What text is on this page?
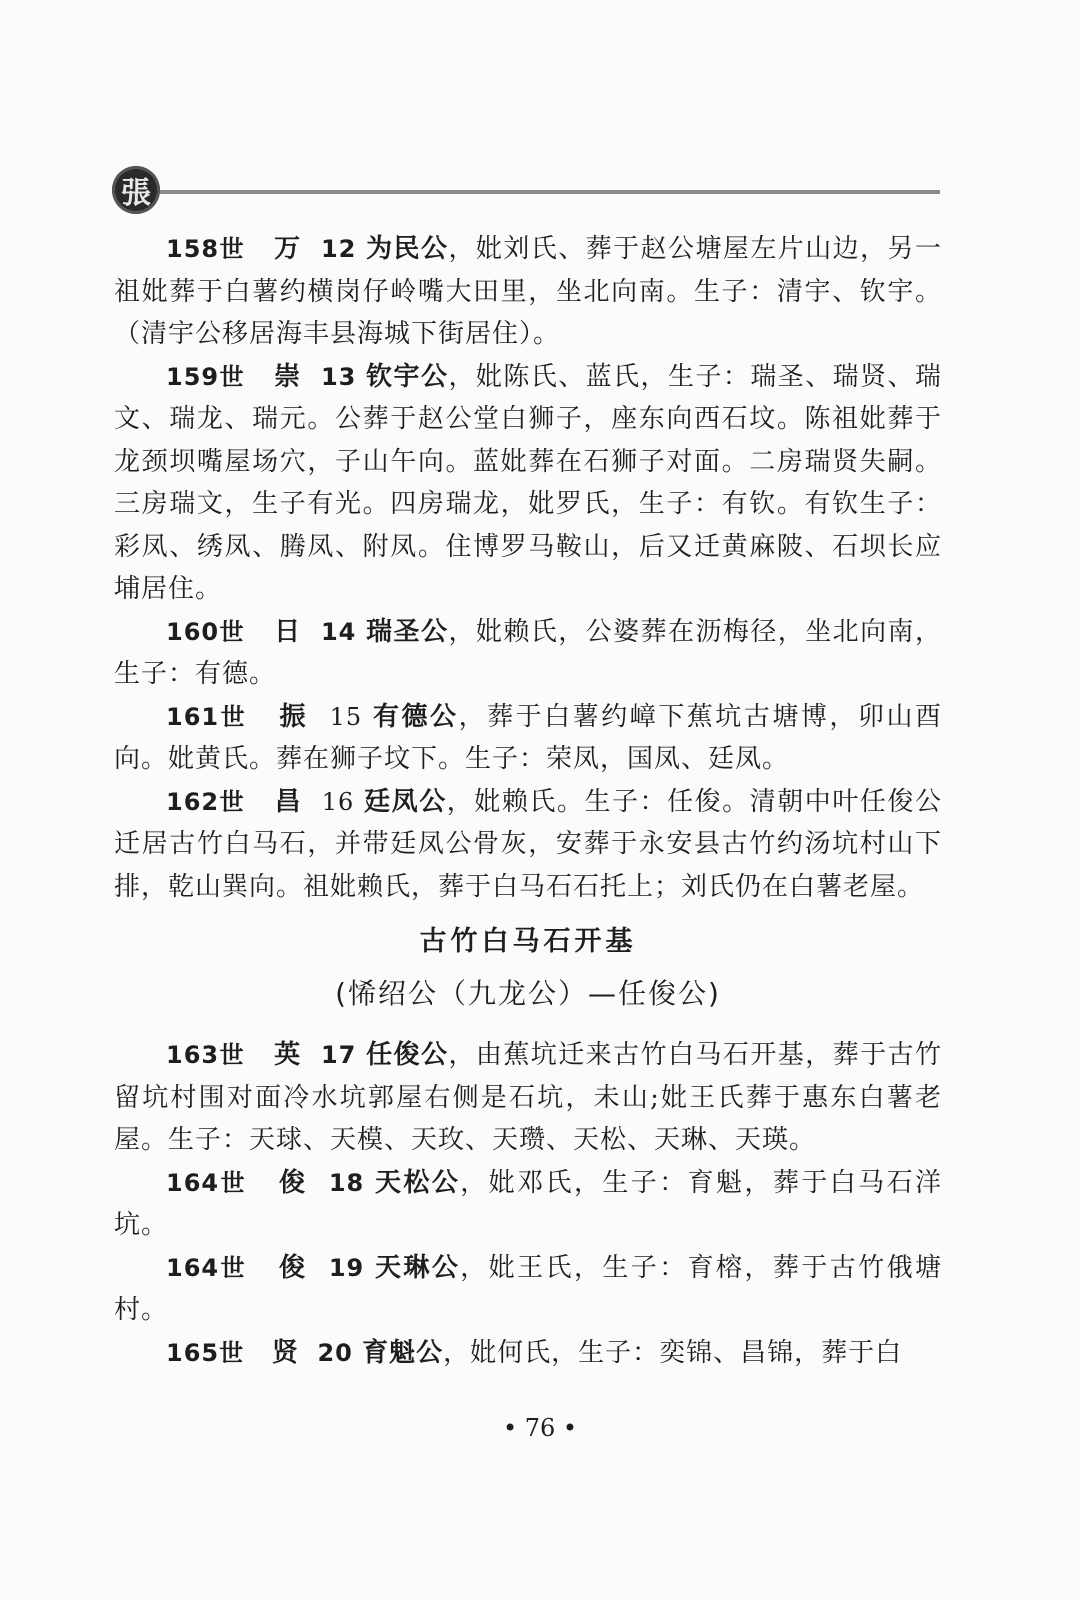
張

158世 万 12 为民公，妣刘氏、葬于赵公塘屋左片山边，另一祖妣葬于白薯约横岗仔岭嘴大田里，坐北向南。生子：清宇、钦宇。（清宇公移居海丰县海城下街居住）。

159世 崇 13 钦宇公，妣陈氏、蓝氏，生子：瑞圣、瑞贤、瑞文、瑞龙、瑞元。公葬于赵公堂白狮子，座东向西石坟。陈祖妣葬于龙颈坝嘴屋场穴，子山午向。蓝妣葬在石狮子对面。二房瑞贤失嗣。三房瑞文，生子有光。四房瑞龙，妣罗氏，生子：有钦。有钦生子：彩凤、绣凤、腾凤、附凤。住博罗马鞍山，后又迁黄麻陂、石坝长应埔居住。

160世 日 14 瑞圣公，妣赖氏，公婆葬在沥梅径，坐北向南，生子：有德。

161世 振 15 有德公，葬于白薯约嶂下蕉坑古塘博，卯山酉向。妣黄氏。葬在狮子坟下。生子：荣凤，国凤、廷凤。

162世 昌 16 廷凤公，妣赖氏。生子：任俊。清朝中叶任俊公迁居古竹白马石，并带廷凤公骨灰，安葬于永安县古竹约汤坑村山下排，乾山巽向。祖妣赖氏，葬于白马石石托上；刘氏仍在白薯老屋。

古竹白马石开基
(悕绍公（九龙公）—任俊公)

163世 英 17 任俊公，由蕉坑迁来古竹白马石开基，葬于古竹留坑村围对面冷水坑郭屋右侧是石坑，未山;妣王氏葬于惠东白薯老屋。生子：天球、天模、天玫、天瓒、天松、天琳、天瑛。

164世 俊 18 天松公，妣邓氏，生子：育魁，葬于白马石洋坑。

164世 俊 19 天琳公，妣王氏，生子：育榕，葬于古竹俄塘村。

165世 贤 20 育魁公，妣何氏，生子：奕锦、昌锦，葬于白

• 76 •
